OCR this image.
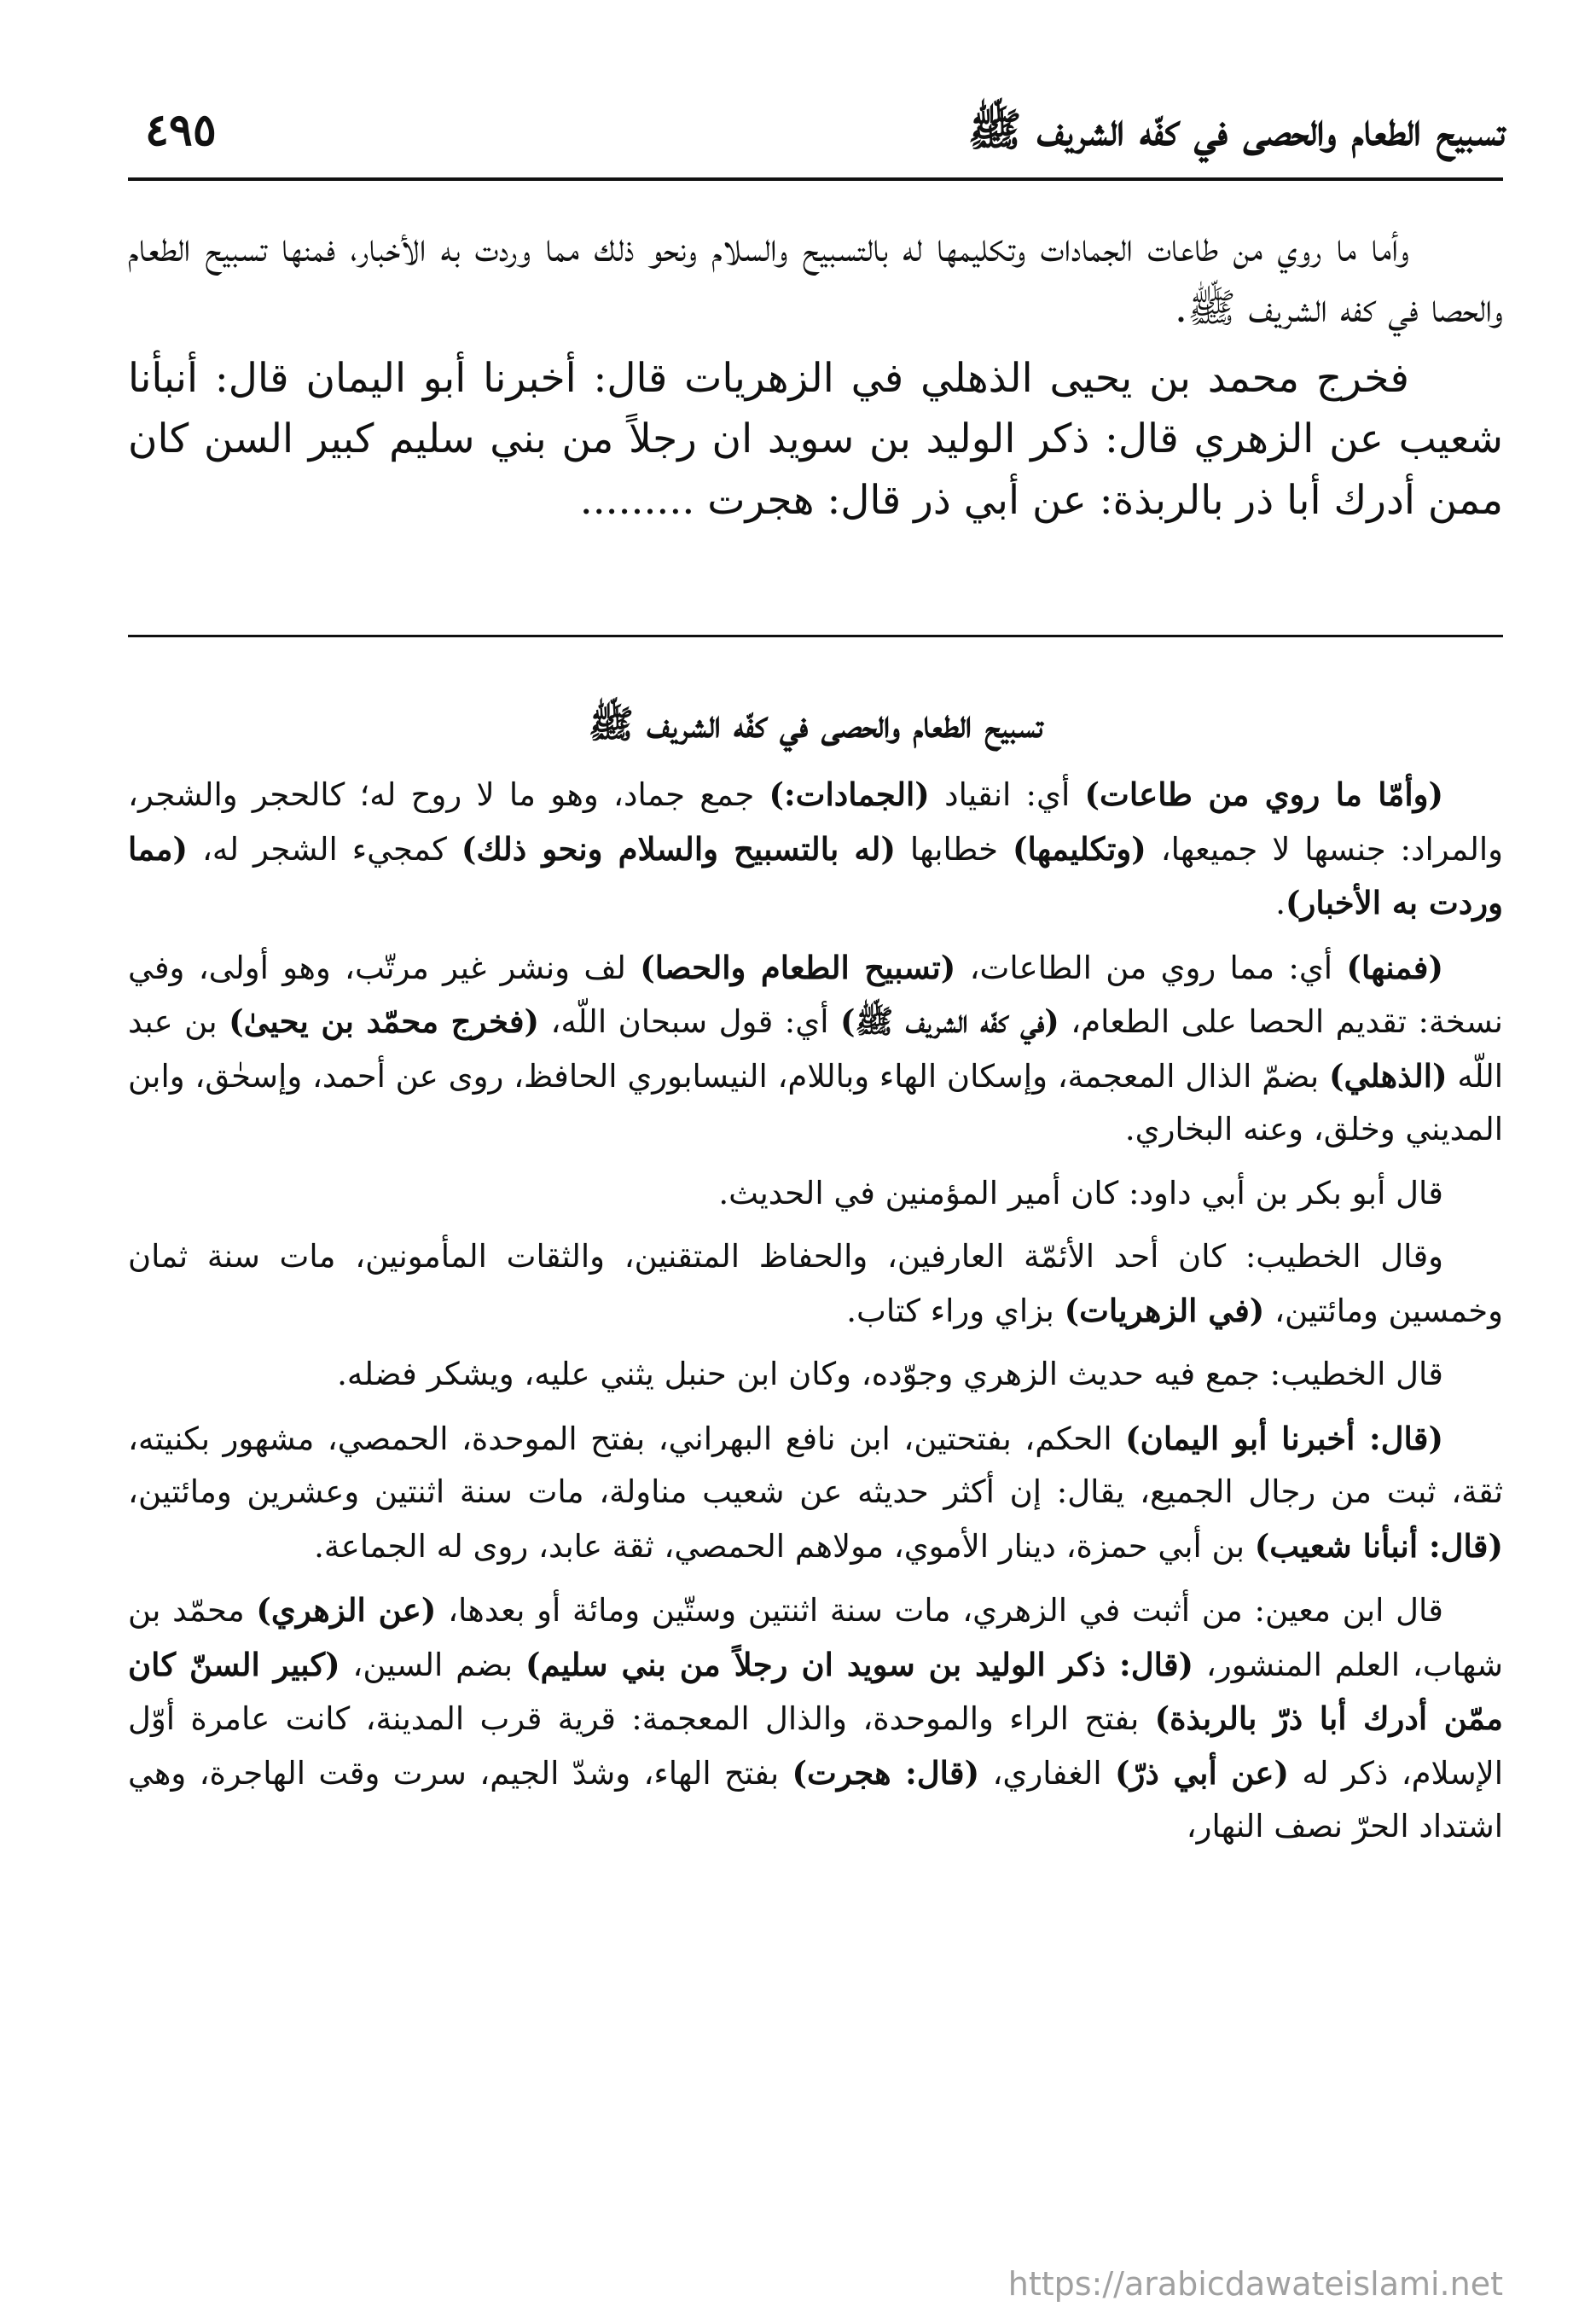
تسبيح الطعام والحصى في كفّه الشريف ﷺ
٤٩٥

وأما ما روي من طاعات الجمادات وتكليمها له بالتسبيح والسلام ونحو ذلك مما وردت به الأخبار، فمنها تسبيح الطعام والحصا في كفه الشريف ﷺ.

فخرج محمد بن يحيى الذهلي في الزهريات قال: أخبرنا أبو اليمان قال: أنبأنا شعيب عن الزهري قال: ذكر الوليد بن سويد ان رجلاً من بني سليم كبير السن كان ممن أدرك أبا ذر بالربذة: عن أبي ذر قال: هجرت .........

تسبيح الطعام والحصى في كفّه الشريف ﷺ

(وأمّا ما روي من طاعات) أي: انقياد (الجمادات:) جمع جماد، وهو ما لا روح له؛ كالحجر والشجر، والمراد: جنسها لا جميعها، (وتكليمها) خطابها (له بالتسبيح والسلام ونحو ذلك) كمجيء الشجر له، (مما وردت به الأخبار).

(فمنها) أي: مما روي من الطاعات، (تسبيح الطعام والحصا) لف ونشر غير مرتّب، وهو أولى، وفي نسخة: تقديم الحصا على الطعام، (في كفّه الشريف ﷺ) أي: قول سبحان اللّه، (فخرج محمّد بن يحيىٰ) بن عبد اللّه (الذهلي) بضمّ الذال المعجمة، وإسكان الهاء وباللام، النيسابوري الحافظ، روى عن أحمد، وإسحٰق، وابن المديني وخلق، وعنه البخاري.

قال أبو بكر بن أبي داود: كان أمير المؤمنين في الحديث.

وقال الخطيب: كان أحد الأئمّة العارفين، والحفاظ المتقنين، والثقات المأمونين، مات سنة ثمان وخمسين ومائتين، (في الزهريات) بزاي وراء كتاب.

قال الخطيب: جمع فيه حديث الزهري وجوّده، وكان ابن حنبل يثني عليه، ويشكر فضله.

(قال: أخبرنا أبو اليمان) الحكم، بفتحتين، ابن نافع البهراني، بفتح الموحدة، الحمصي، مشهور بكنيته، ثقة، ثبت من رجال الجميع، يقال: إن أكثر حديثه عن شعيب مناولة، مات سنة اثنتين وعشرين ومائتين، (قال: أنبأنا شعيب) بن أبي حمزة، دينار الأموي، مولاهم الحمصي، ثقة عابد، روى له الجماعة.

قال ابن معين: من أثبت في الزهري، مات سنة اثنتين وستّين ومائة أو بعدها، (عن الزهري) محمّد بن شهاب، العلم المنشور، (قال: ذكر الوليد بن سويد ان رجلاً من بني سليم) بضم السين، (كبير السنّ كان ممّن أدرك أبا ذرّ بالربذة) بفتح الراء والموحدة، والذال المعجمة: قرية قرب المدينة، كانت عامرة أوّل الإسلام، ذكر له (عن أبي ذرّ) الغفاري، (قال: هجرت) بفتح الهاء، وشدّ الجيم، سرت وقت الهاجرة، وهي اشتداد الحرّ نصف النهار،

https://arabicdawateislami.net
